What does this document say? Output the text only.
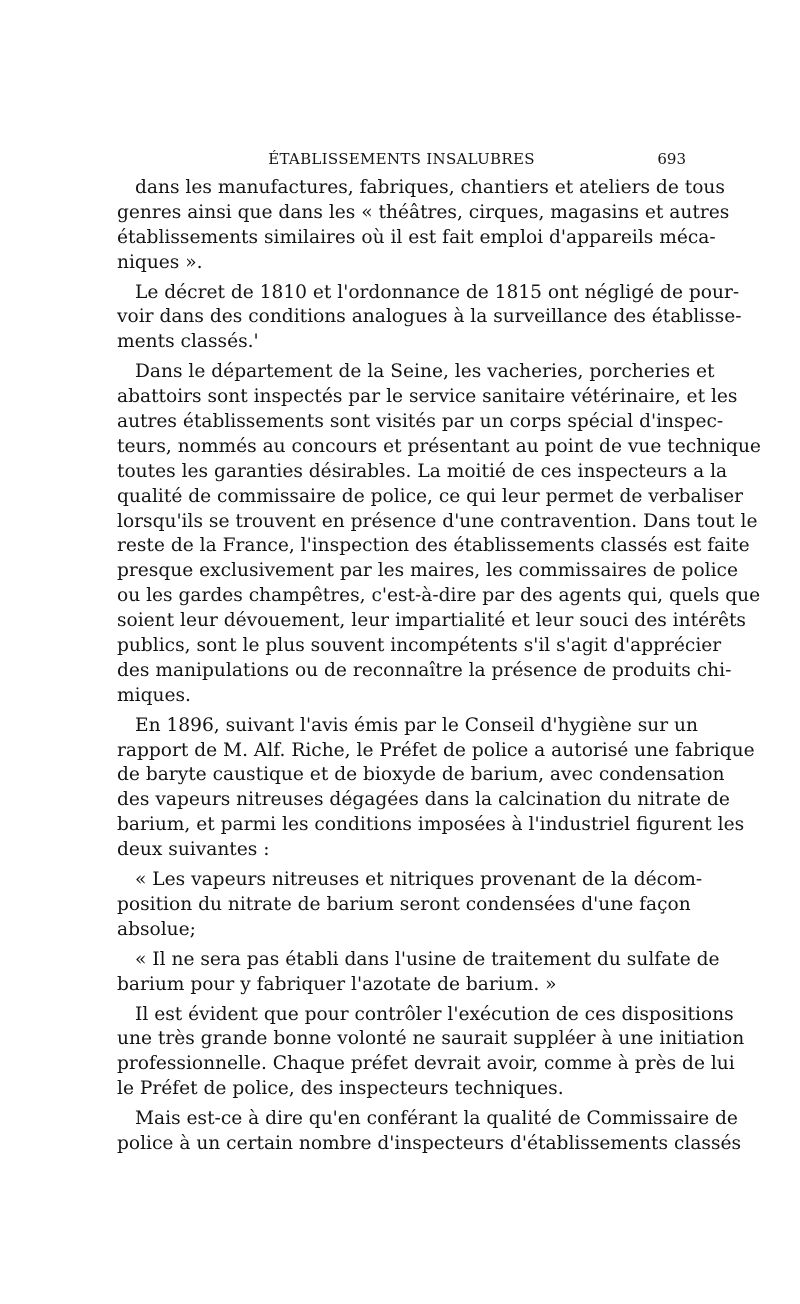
ÉTABLISSEMENTS INSALUBRES	693
dans les manufactures, fabriques, chantiers et ateliers de tous
genres ainsi que dans les « théâtres, cirques, magasins et autres
établissements similaires où il est fait emploi d'appareils méca-
niques ».
Le décret de 1810 et l'ordonnance de 1815 ont négligé de pour-
voir dans des conditions analogues à la surveillance des établisse-
ments classés.'
Dans le département de la Seine, les vacheries, porcheries et
abattoirs sont inspectés par le service sanitaire vétérinaire, et les
autres établissements sont visités par un corps spécial d'inspec-
teurs, nommés au concours et présentant au point de vue technique
toutes les garanties désirables. La moitié de ces inspecteurs a la
qualité de commissaire de police, ce qui leur permet de verbaliser
lorsqu'ils se trouvent en présence d'une contravention. Dans tout le
reste de la France, l'inspection des établissements classés est faite
presque exclusivement par les maires, les commissaires de police
ou les gardes champêtres, c'est-à-dire par des agents qui, quels que
soient leur dévouement, leur impartialité et leur souci des intérêts
publics, sont le plus souvent incompétents s'il s'agit d'apprécier
des manipulations ou de reconnaître la présence de produits chi-
miques.
En 1896, suivant l'avis émis par le Conseil d'hygiène sur un
rapport de M. Alf. Riche, le Préfet de police a autorisé une fabrique
de baryte caustique et de bioxyde de barium, avec condensation
des vapeurs nitreuses dégagées dans la calcination du nitrate de
barium, et parmi les conditions imposées à l'industriel figurent les
deux suivantes :
« Les vapeurs nitreuses et nitriques provenant de la décom-
position du nitrate de barium seront condensées d'une façon
absolue;
« Il ne sera pas établi dans l'usine de traitement du sulfate de
barium pour y fabriquer l'azotate de barium. »
Il est évident que pour contrôler l'exécution de ces dispositions
une très grande bonne volonté ne saurait suppléer à une initiation
professionnelle. Chaque préfet devrait avoir, comme à près de lui
le Préfet de police, des inspecteurs techniques.
Mais est-ce à dire qu'en conférant la qualité de Commissaire de
police à un certain nombre d'inspecteurs d'établissements classés
